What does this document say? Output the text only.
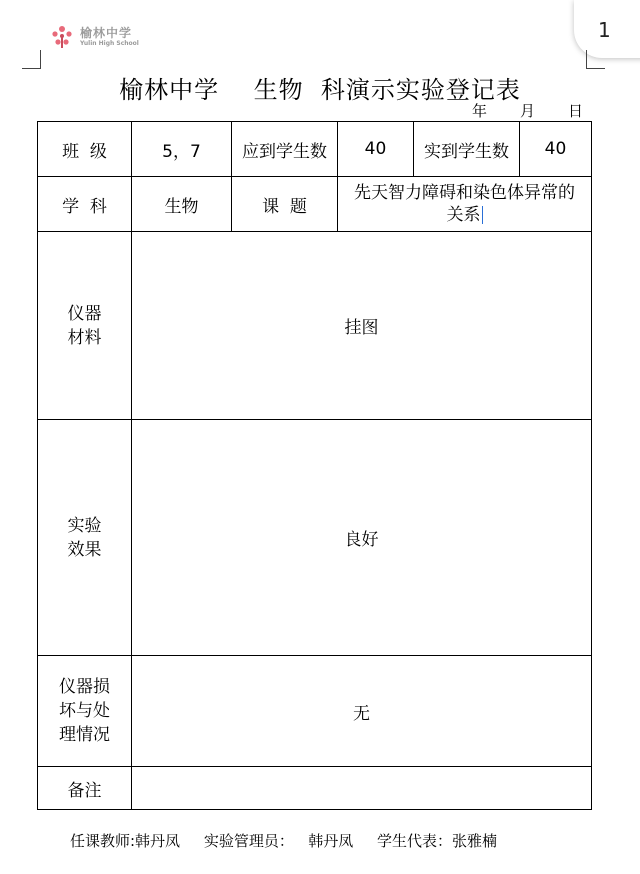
榆林中学
Yulin High School
1
榆林中学    生物  科演示实验登记表
年 月 日
班  级	5，7	应到学生数	40	实到学生数	40
学  科	生物	课  题	先天智力障碍和染色体异常的
关系		

仪器
材料	挂图				

实验
效果	良好				

仪器损
坏与处
理情况	无				
备注					
任课教师:韩丹凤     实验管理员：   韩丹凤     学生代表：张雅楠
